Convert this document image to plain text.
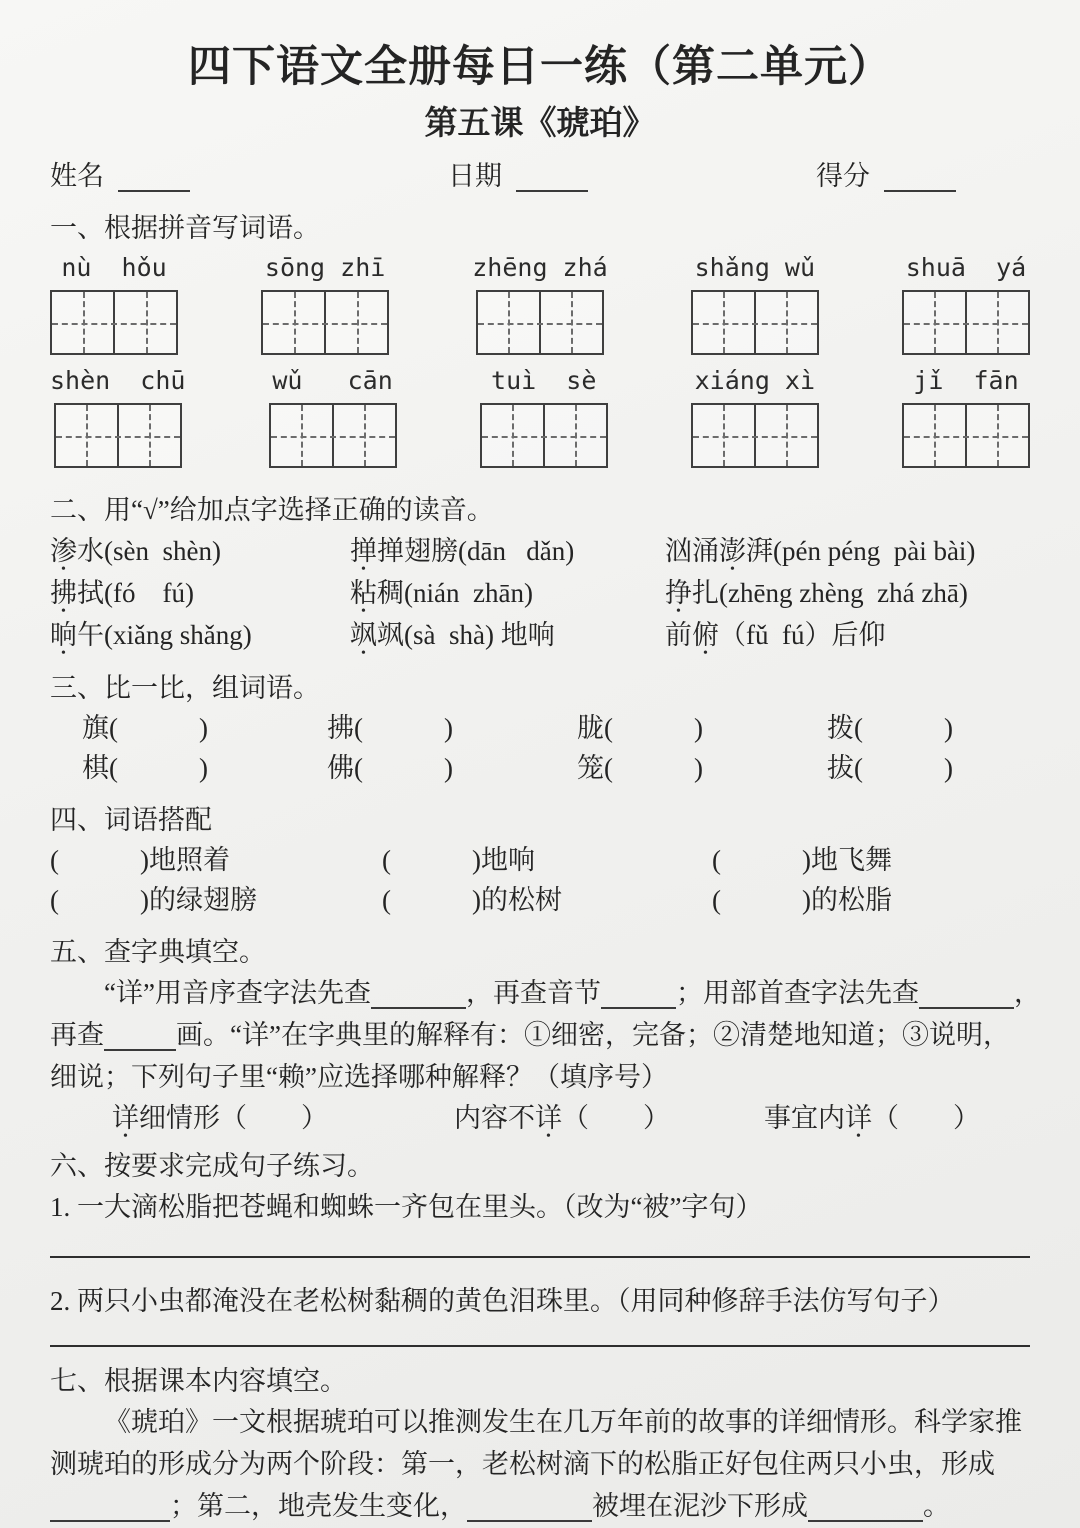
四下语文全册每日一练（第二单元）
第五课《琥珀》
姓名	日期	得分
一、根据拼音写词语。
nù  hǒu	sōng zhī	zhēng zhá	shǎng wǔ	shuā  yá
shèn  chū	wǔ   cān	tuì  sè	xiáng xì	jǐ  fān
二、用“√”给加点字选择正确的读音。
渗水(sèn  shèn)	掸掸翅膀(dān   dǎn)	汹涌澎湃(pén péng  pài bài)
拂拭(fó    fú)	粘稠(nián  zhān)	挣扎(zhēng zhèng  zhá zhā)
晌午(xiǎng shǎng)	飒飒(sà  shà) 地响	前俯（fǔ  fú）后仰
三、比一比，组词语。
旗(　　　)	拂(　　　)	胧(　　　)	拨(　　　)
棋(　　　)	佛(　　　)	笼(　　　)	拔(　　　)
四、词语搭配
(　　　)地照着	(　　　)地响	(　　　)地飞舞
(　　　)的绿翅膀	(　　　)的松树	(　　　)的松脂
五、查字典填空。
“详”用音序查字法先查	，再查音节	；用部首查字法先查	，
再查	画。“详”在字典里的解释有：①细密，完备；②清楚地知道；③说明，
细说；下列句子里“赖”应选择哪种解释？（填序号）
详细情形（　　）	内容不详（　　）	事宜内详（　　）
六、按要求完成句子练习。
1. 一大滴松脂把苍蝇和蜘蛛一齐包在里头。（改为“被”字句）
2. 两只小虫都淹没在老松树黏稠的黄色泪珠里。（用同种修辞手法仿写句子）
七、根据课本内容填空。
《琥珀》一文根据琥珀可以推测发生在几万年前的故事的详细情形。科学家推
测琥珀的形成分为两个阶段：第一，老松树滴下的松脂正好包住两只小虫，形成
；第二，地壳发生变化，	被埋在泥沙下形成	。
